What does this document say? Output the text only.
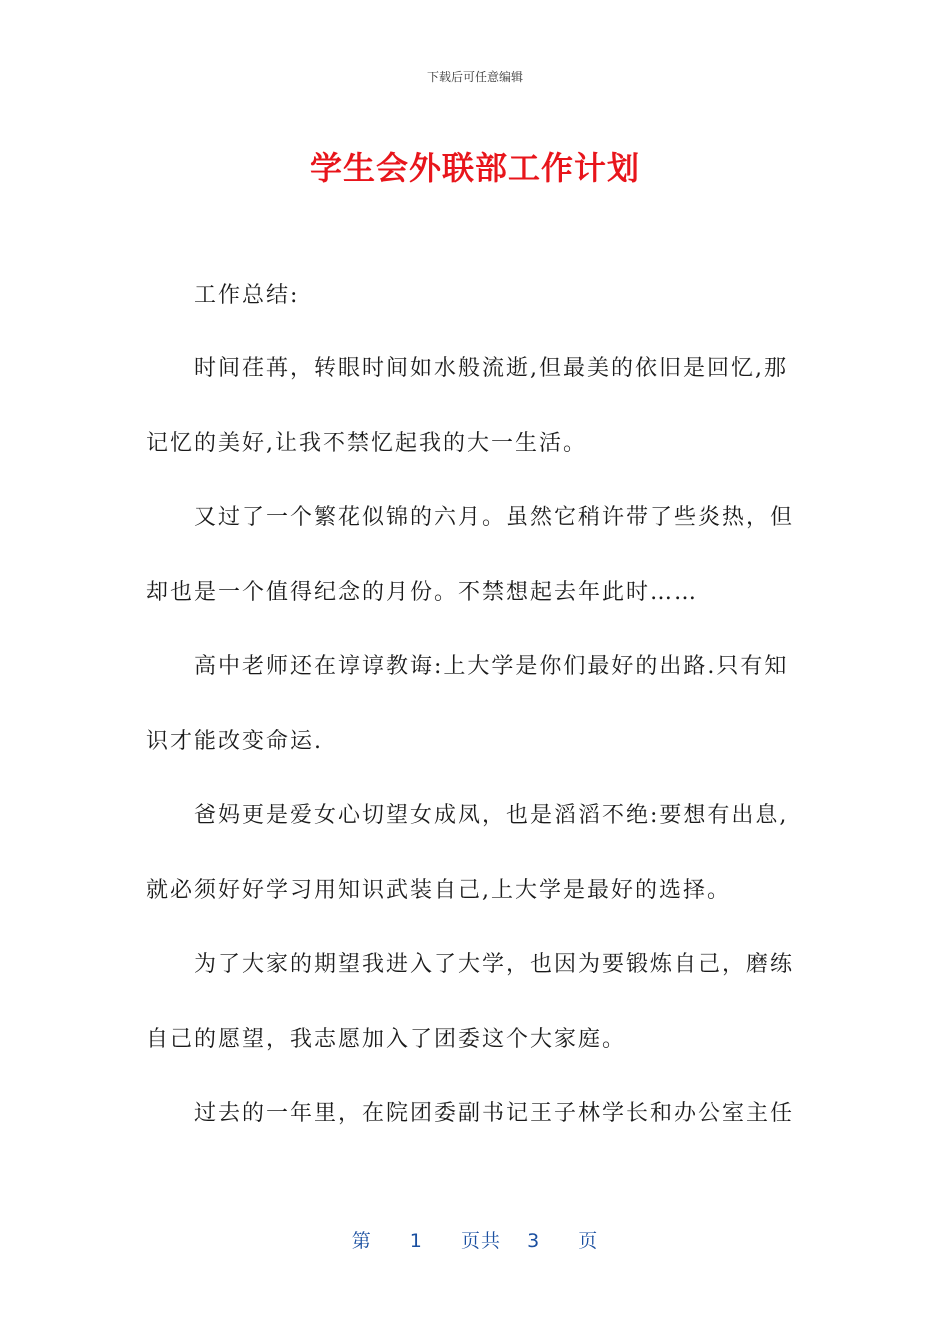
下载后可任意编辑
学生会外联部工作计划
工作总结:
时间荏苒，转眼时间如水般流逝,但最美的依旧是回忆,那
记忆的美好,让我不禁忆起我的大一生活。
又过了一个繁花似锦的六月。虽然它稍许带了些炎热，但
却也是一个值得纪念的月份。不禁想起去年此时……
高中老师还在谆谆教诲:上大学是你们最好的出路.只有知
识才能改变命运.
爸妈更是爱女心切望女成凤，也是滔滔不绝:要想有出息,
就必须好好学习用知识武装自己,上大学是最好的选择。
为了大家的期望我进入了大学，也因为要锻炼自己，磨练
自己的愿望，我志愿加入了团委这个大家庭。
过去的一年里，在院团委副书记王子林学长和办公室主任
第 1 页共 3 页
